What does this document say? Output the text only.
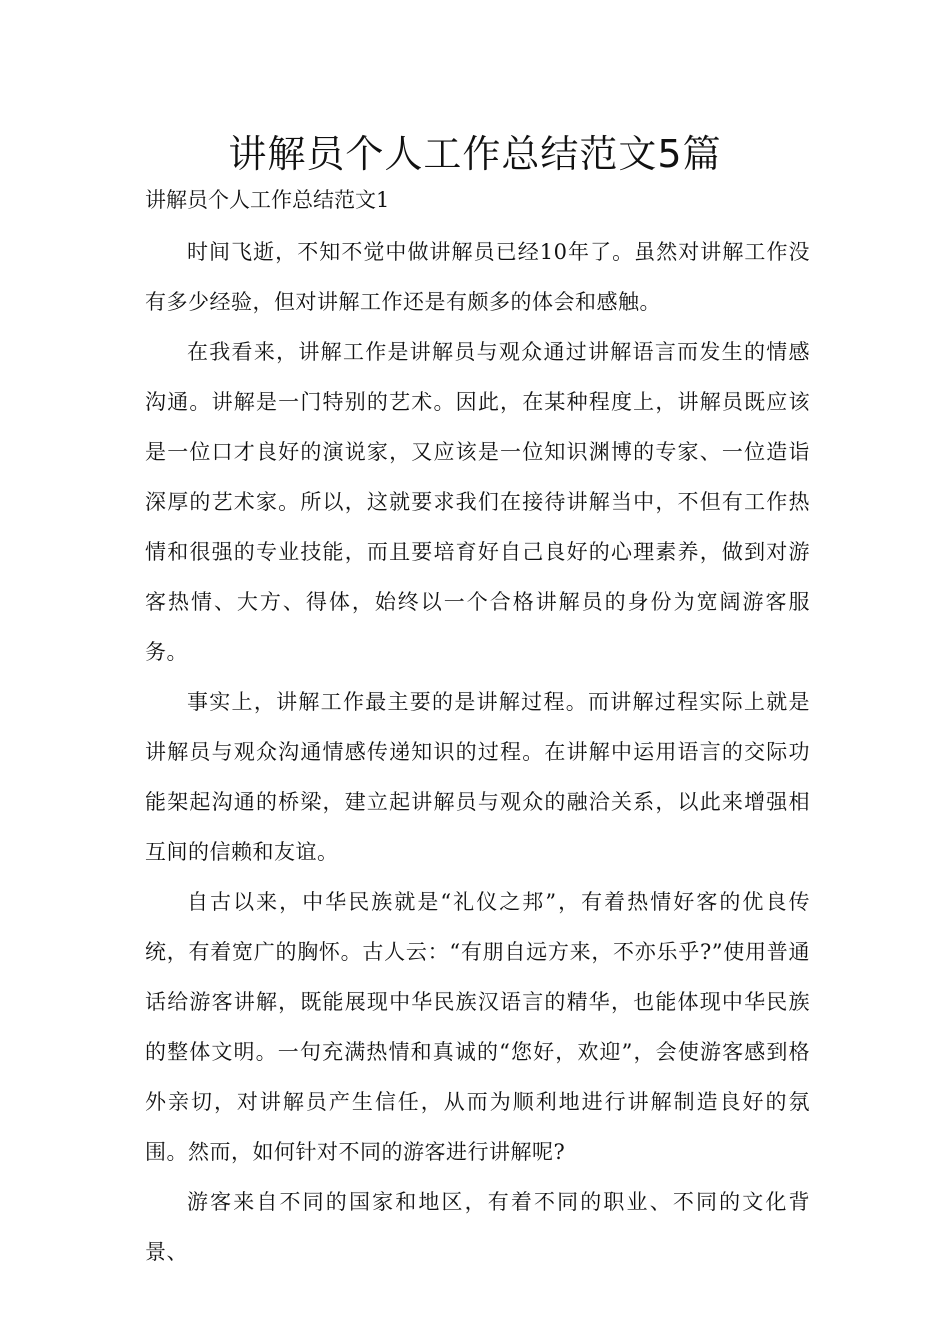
讲解员个人工作总结范文5篇
讲解员个人工作总结范文1

时间飞逝，不知不觉中做讲解员已经10年了。虽然对讲解工作没有多少经验，但对讲解工作还是有颇多的体会和感触。

在我看来，讲解工作是讲解员与观众通过讲解语言而发生的情感沟通。讲解是一门特别的艺术。因此，在某种程度上，讲解员既应该是一位口才良好的演说家，又应该是一位知识渊博的专家、一位造诣深厚的艺术家。所以，这就要求我们在接待讲解当中，不但有工作热情和很强的专业技能，而且要培育好自己良好的心理素养，做到对游客热情、大方、得体，始终以一个合格讲解员的身份为宽阔游客服务。

事实上，讲解工作最主要的是讲解过程。而讲解过程实际上就是讲解员与观众沟通情感传递知识的过程。在讲解中运用语言的交际功能架起沟通的桥梁，建立起讲解员与观众的融洽关系，以此来增强相互间的信赖和友谊。

自古以来，中华民族就是“礼仪之邦”，有着热情好客的优良传统，有着宽广的胸怀。古人云：“有朋自远方来，不亦乐乎?”使用普通话给游客讲解，既能展现中华民族汉语言的精华，也能体现中华民族的整体文明。一句充满热情和真诚的“您好，欢迎”，会使游客感到格外亲切，对讲解员产生信任，从而为顺利地进行讲解制造良好的氛围。然而，如何针对不同的游客进行讲解呢?

游客来自不同的国家和地区，有着不同的职业、不同的文化背景、
